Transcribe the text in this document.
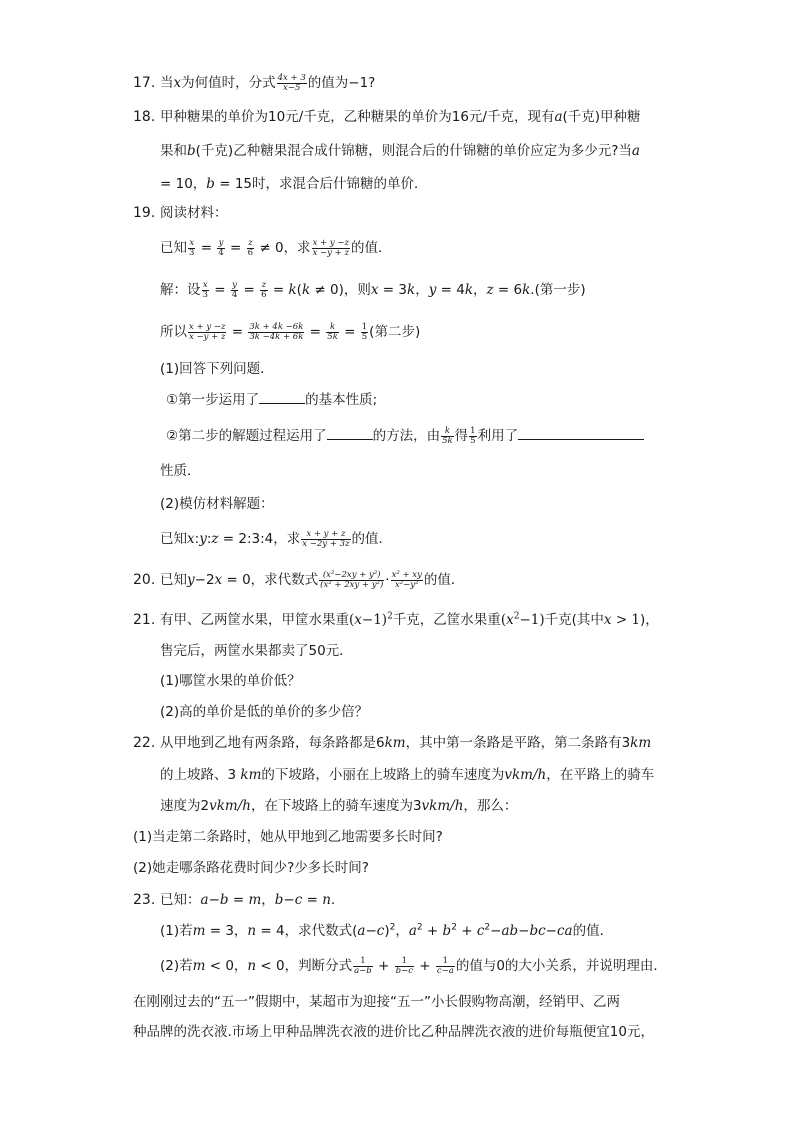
17. 当x为何值时，分式 $\frac{4x + 3}{x-5}$ 的值为−1?
18. 甲种糖果的单价为10元/千克，乙种糖果的单价为16元/千克，现有a(千克)甲种糖
果和b(千克)乙种糖果混合成什锦糖，则混合后的什锦糖的单价应定为多少元?当a
= 10，b = 15时，求混合后什锦糖的单价．
19. 阅读材料：
已知 $\frac{x}{3} = \frac{y}{4} = \frac{z}{6} \ne 0$，求 $\frac{x + y -z}{x -y + z}$ 的值．
解：设 $\frac{x}{3} = \frac{y}{4} = \frac{z}{6} = k(k \ne 0)$，则x = 3k，y = 4k，z = 6k.(第一步)
所以 $\frac{x + y -z}{x -y + z} = \frac{3k + 4k -6k}{3k -4k + 6k} = \frac{k}{5k} = \frac{1}{5}$ (第二步)
(1)回答下列问题．
①第一步运用了	的基本性质;
②第二步的解题过程运用了	的方法，由 $\frac{k}{5k}$ 得 $\frac{1}{5}$ 利用了
性质．
(2)模仿材料解题：
已知x:y:z = 2:3:4，求 $\frac{x + y + z}{x -2y + 3z}$ 的值．
20. 已知y−2x = 0，求代数式 $\frac{\text{(x²−2xy + y²)}}{\text{(x² + 2xy + y²)}} \cdot \frac{\text{x² + xy}}{\text{x²−y²}}$ 的值．
21. 有甲、乙两筐水果，甲筐水果重$(x-1)^2$千克，乙筐水果重$(x^2-1)$千克(其中x > 1)，
售完后，两筐水果都卖了50元．
(1)哪筐水果的单价低？
(2)高的单价是低的单价的多少倍？
22. 从甲地到乙地有两条路，每条路都是6km，其中第一条路是平路，第二条路有3km
的上坡路、3 km的下坡路，小丽在上坡路上的骑车速度为vkm/h，在平路上的骑车
速度为2vkm/h，在下坡路上的骑车速度为3vkm/h，那么：
(1)当走第二条路时，她从甲地到乙地需要多长时间?
(2)她走哪条路花费时间少?少多长时间?
23. 已知：a−b = m，b−c = n.
(1)若m = 3，n = 4，求代数式$(a-c)^2$，$a^2 + b^2 + c^2-ab-bc-ca$的值．
(2)若m < 0，n < 0，判断分式 $\frac{1}{a-b} + \frac{1}{b-c} + \frac{1}{c-a}$ 的值与0的大小关系，并说明理由．
在刚刚过去的“五一”假期中，某超市为迎接“五一”小长假购物高潮，经销甲、乙两
种品牌的洗衣液.市场上甲种品牌洗衣液的进价比乙种品牌洗衣液的进价每瓶便宜10元，
